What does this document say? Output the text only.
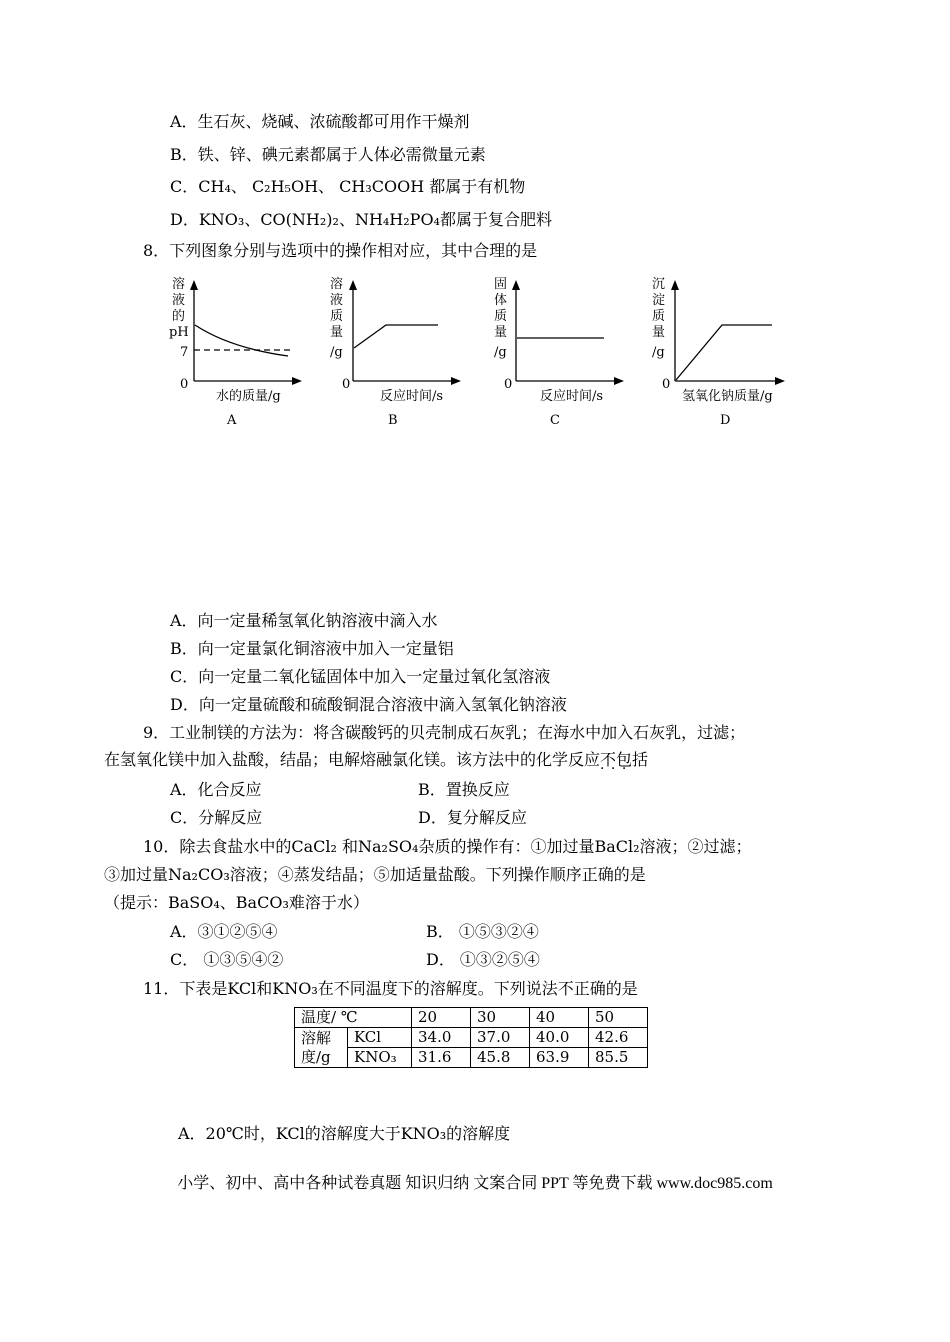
A．生石灰、烧碱、浓硫酸都可用作干燥剂
B．铁、锌、碘元素都属于人体必需微量元素
C．CH₄、 C₂H₅OH、 CH₃COOH 都属于有机物
D．KNO₃、CO(NH₂)₂、NH₄H₂PO₄都属于复合肥料
8．下列图象分别与选项中的操作相对应，其中合理的是
溶
液
的
pH
7
0
水的质量/g
A
溶
液
质
量
/g
0
反应时间/s
B
固
体
质
量
/g
0
反应时间/s
C
沉
淀
质
量
/g
0
氢氧化钠质量/g
D
A．向一定量稀氢氧化钠溶液中滴入水
B．向一定量氯化铜溶液中加入一定量铝
C．向一定量二氧化锰固体中加入一定量过氧化氢溶液
D．向一定量硫酸和硫酸铜混合溶液中滴入氢氧化钠溶液
9．工业制镁的方法为：将含碳酸钙的贝壳制成石灰乳；在海水中加入石灰乳，过滤；
在氢氧化镁中加入盐酸，结晶；电解熔融氯化镁。该方法中的化学反应不包括 · · ·
A．化合反应	B．置换反应
C．分解反应	D．复分解反应
10．除去食盐水中的CaCl₂ 和Na₂SO₄杂质的操作有：①加过量BaCl₂溶液；②过滤；
③加过量Na₂CO₃溶液；④蒸发结晶；⑤加适量盐酸。下列操作顺序正确的是
（提示：BaSO₄、BaCO₃难溶于水）
A．③①②⑤④	B． ①⑤③②④
C． ①③⑤④②	D． ①③②⑤④
11．下表是KCl和KNO₃在不同温度下的溶解度。下列说法不正确的是
温度/ ℃		20	30	40	50
溶解
度/g	KCl	34.0	37.0	40.0	42.6
	KNO₃	31.6	45.8	63.9	85.5
A．20℃时，KCl的溶解度大于KNO₃的溶解度
小学、初中、高中各种试卷真题 知识归纳 文案合同 PPT 等免费下载 www.doc985.com
